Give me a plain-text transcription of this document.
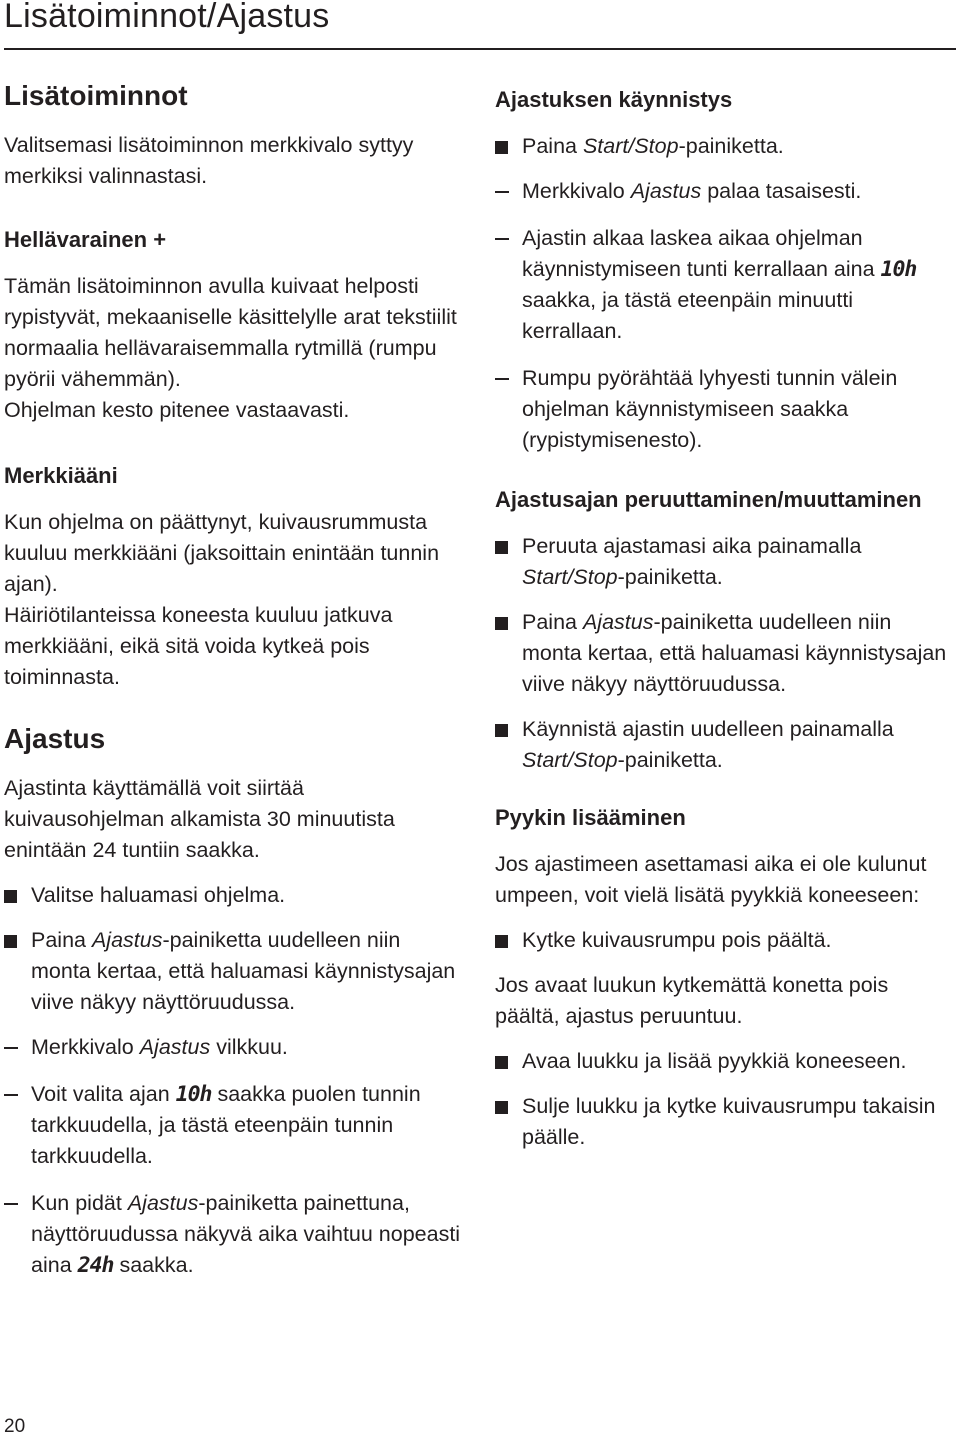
Lisätoiminnot/Ajastus
Lisätoiminnot

Valitsemasi lisätoiminnon merkkivalo syttyy merkiksi valinnastasi.

Hellävarainen +

Tämän lisätoiminnon avulla kuivaat helposti rypistyvät, mekaaniselle käsittelylle arat tekstiilit normaalia hellävaraisemmalla rytmillä (rumpu pyörii vähemmän).

Ohjelman kesto pitenee vastaavasti.

Merkkiääni

Kun ohjelma on päättynyt, kuivausrummusta kuuluu merkkiääni (jaksoittain enintään tunnin ajan).

Häiriötilanteissa koneesta kuuluu jatkuva merkkiääni, eikä sitä voida kytkeä pois toiminnasta.

Ajastus

Ajastinta käyttämällä voit siirtää kuivausohjelman alkamista 30 minuutista enintään 24 tuntiin saakka.

Valitse haluamasi ohjelma.
Paina Ajastus-painiketta uudelleen niin monta kertaa, että haluamasi käynnistysajan viive näkyy näyttöruudussa.
Merkkivalo Ajastus vilkkuu.
Voit valita ajan 10h saakka puolen tunnin tarkkuudella, ja tästä eteenpäin tunnin tarkkuudella.
Kun pidät Ajastus-painiketta painettuna, näyttöruudussa näkyvä aika vaihtuu nopeasti aina 24h saakka.
Ajastuksen käynnistys
Paina Start/Stop-painiketta.
Merkkivalo Ajastus palaa tasaisesti.
Ajastin alkaa laskea aikaa ohjelman käynnistymiseen tunti kerrallaan aina 10h saakka, ja tästä eteenpäin minuutti kerrallaan.
Rumpu pyörähtää lyhyesti tunnin välein ohjelman käynnistymiseen saakka (rypistymisenesto).
Ajastusajan peruuttaminen/muuttaminen
Peruuta ajastamasi aika painamalla Start/Stop-painiketta.
Paina Ajastus-painiketta uudelleen niin monta kertaa, että haluamasi käynnistysajan viive näkyy näyttöruudussa.
Käynnistä ajastin uudelleen painamalla Start/Stop-painiketta.
Pyykin lisääminen

Jos ajastimeen asettamasi aika ei ole kulunut umpeen, voit vielä lisätä pyykkiä koneeseen:

Kytke kuivausrumpu pois päältä.

Jos avaat luukun kytkemättä konetta pois päältä, ajastus peruuntuu.

Avaa luukku ja lisää pyykkiä koneeseen.
Sulje luukku ja kytke kuivausrumpu takaisin päälle.
20
